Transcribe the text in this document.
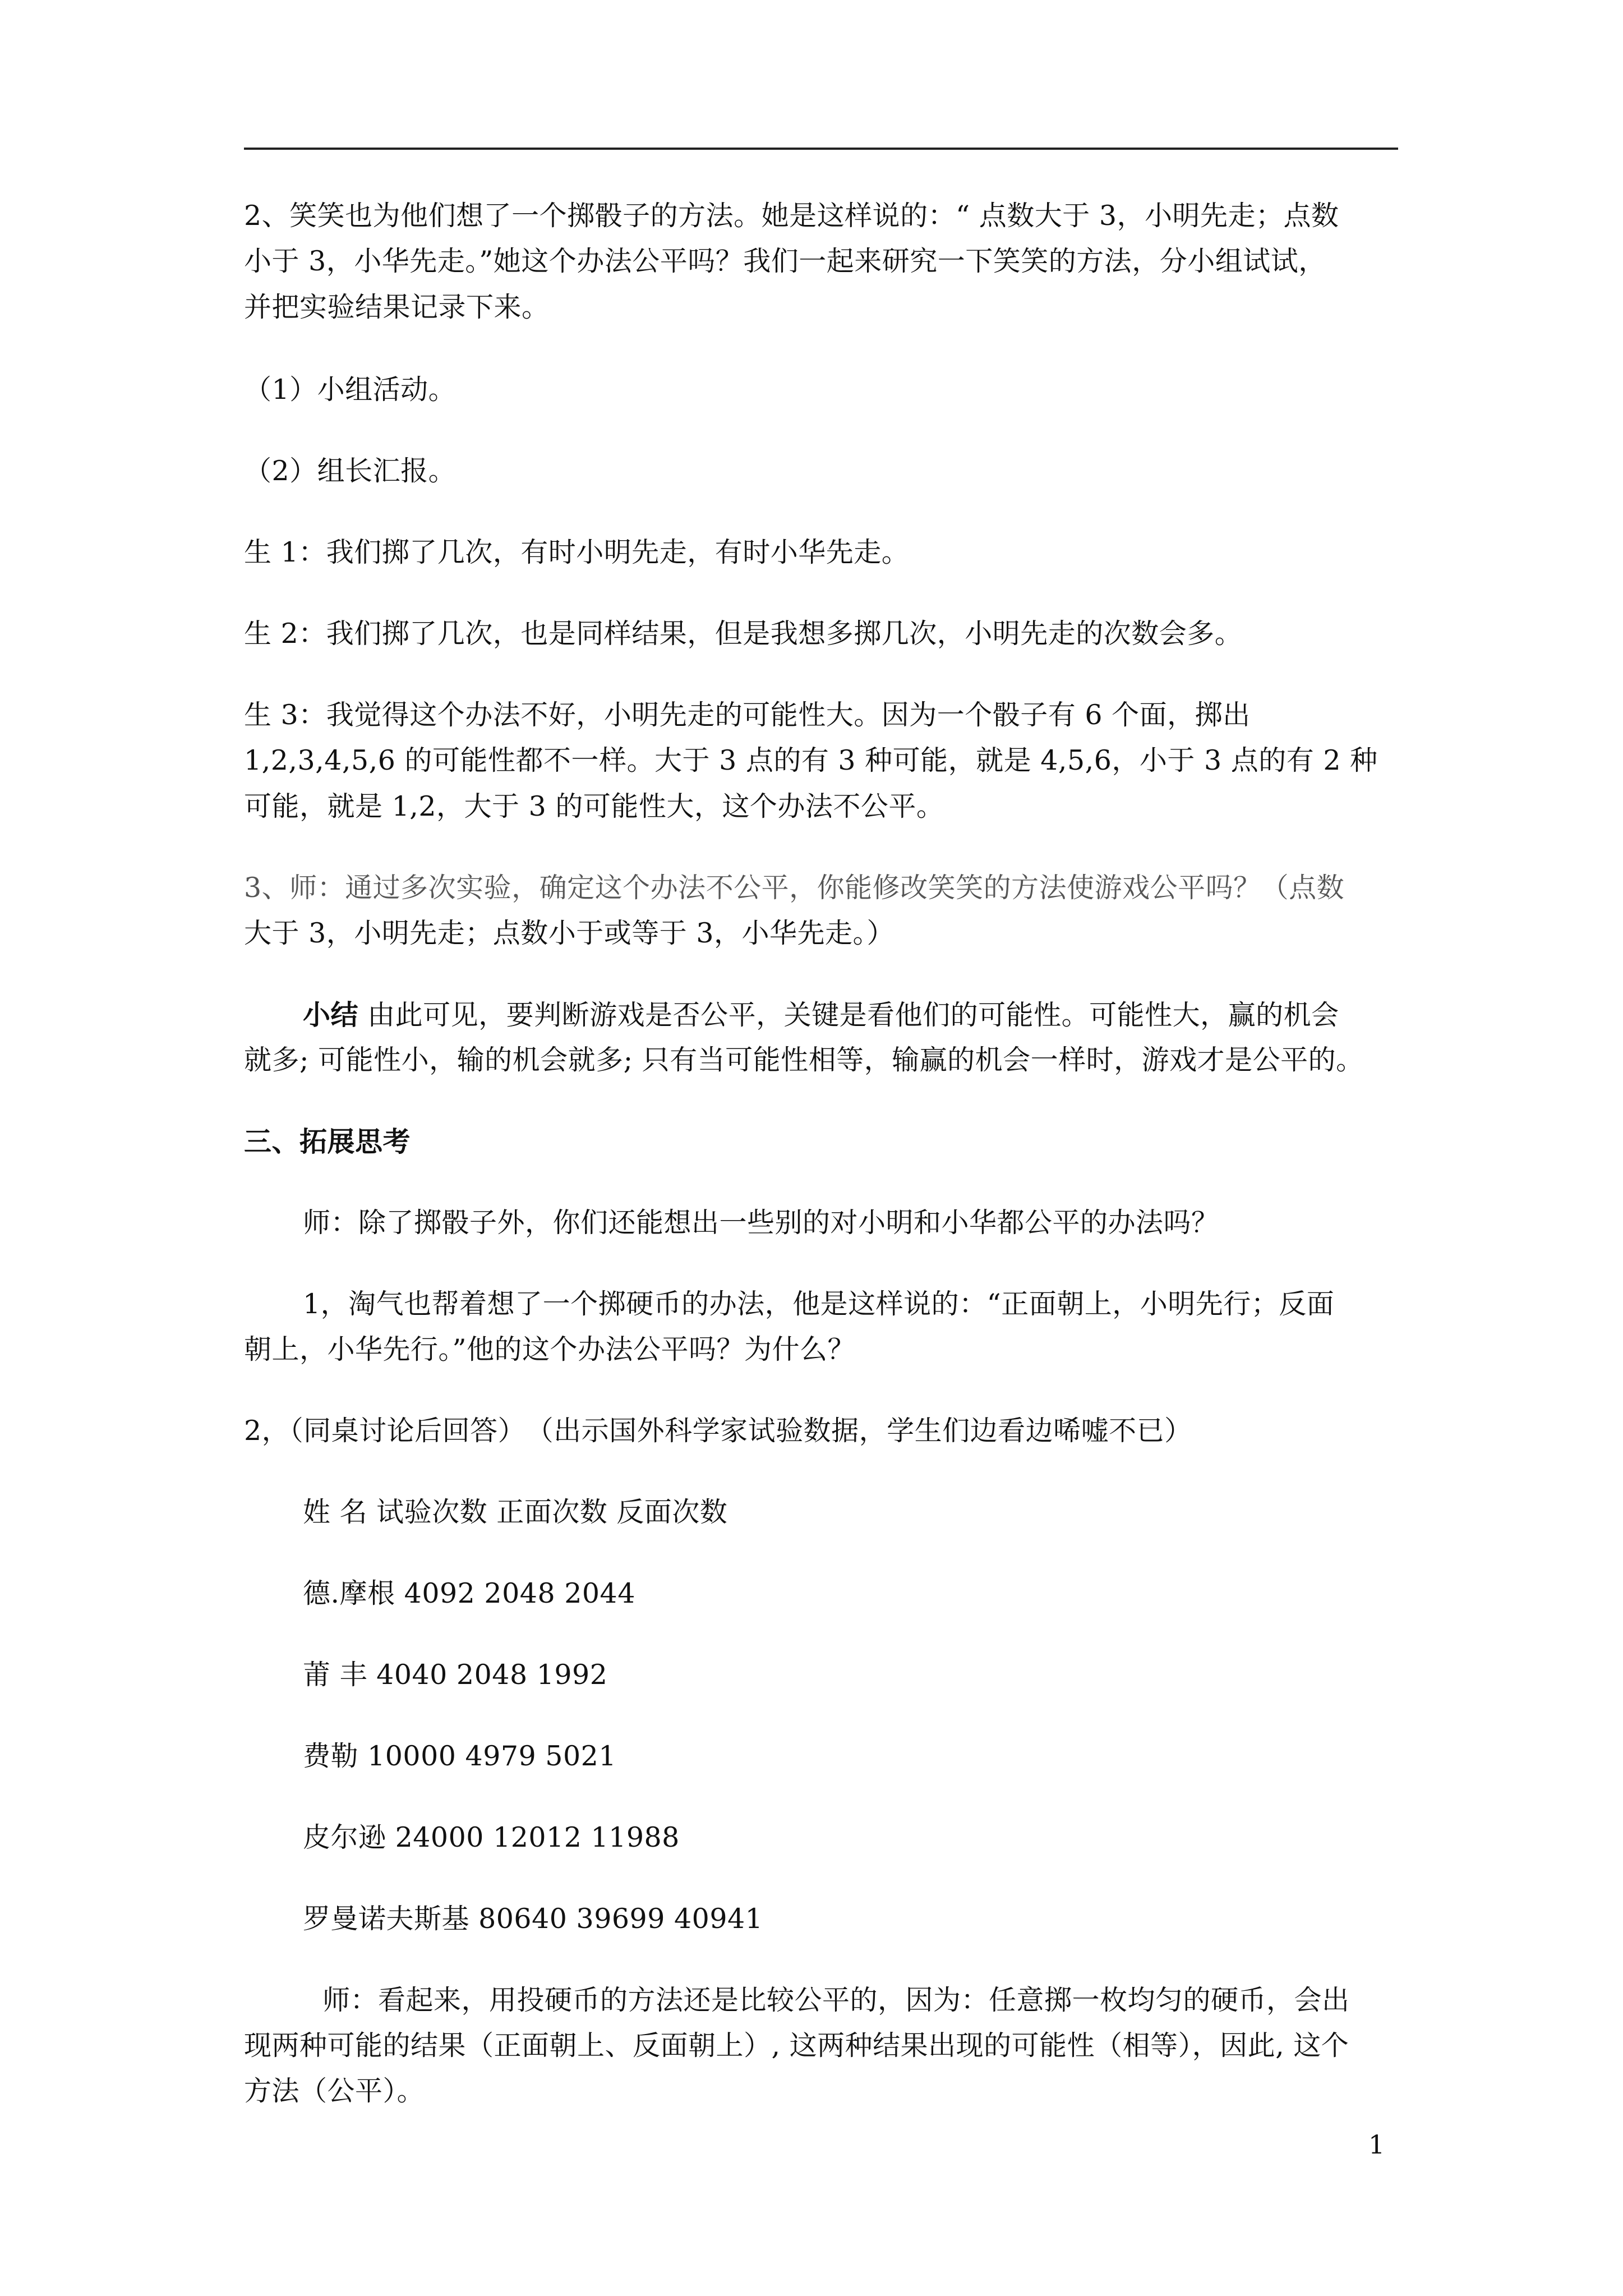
2、笑笑也为他们想了一个掷骰子的方法。她是这样说的：“ 点数大于 3，小明先走；点数
小于 3，小华先走。”她这个办法公平吗？我们一起来研究一下笑笑的方法，分小组试试，
并把实验结果记录下来。
（1）小组活动。
（2）组长汇报。
生 1：我们掷了几次，有时小明先走，有时小华先走。
生 2：我们掷了几次，也是同样结果，但是我想多掷几次，小明先走的次数会多。
生 3：我觉得这个办法不好，小明先走的可能性大。因为一个骰子有 6 个面，掷出
1,2,3,4,5,6 的可能性都不一样。大于 3 点的有 3 种可能，就是 4,5,6，小于 3 点的有 2 种
可能，就是 1,2，大于 3 的可能性大，这个办法不公平。
3、师：通过多次实验，确定这个办法不公平，你能修改笑笑的方法使游戏公平吗？（点数
大于 3，小明先走；点数小于或等于 3，小华先走。）
小结 由此可见，要判断游戏是否公平，关键是看他们的可能性。可能性大，赢的机会
就多; 可能性小，输的机会就多; 只有当可能性相等，输赢的机会一样时，游戏才是公平的。
三、拓展思考
师：除了掷骰子外，你们还能想出一些别的对小明和小华都公平的办法吗？
1，淘气也帮着想了一个掷硬币的办法，他是这样说的：“正面朝上，小明先行；反面
朝上，小华先行。”他的这个办法公平吗？为什么？
2，（同桌讨论后回答）　（出示国外科学家试验数据，学生们边看边唏嘘不已）
姓 名 试验次数 正面次数 反面次数
德.摩根 4092 2048 2044
莆 丰 4040 2048 1992
费勒 10000 4979 5021
皮尔逊 24000 12012 11988
罗曼诺夫斯基 80640 39699 40941
师：看起来，用投硬币的方法还是比较公平的，因为：任意掷一枚均匀的硬币，会出
现两种可能的结果（正面朝上、反面朝上）, 这两种结果出现的可能性（相等），因此, 这个
方法（公平）。
1
